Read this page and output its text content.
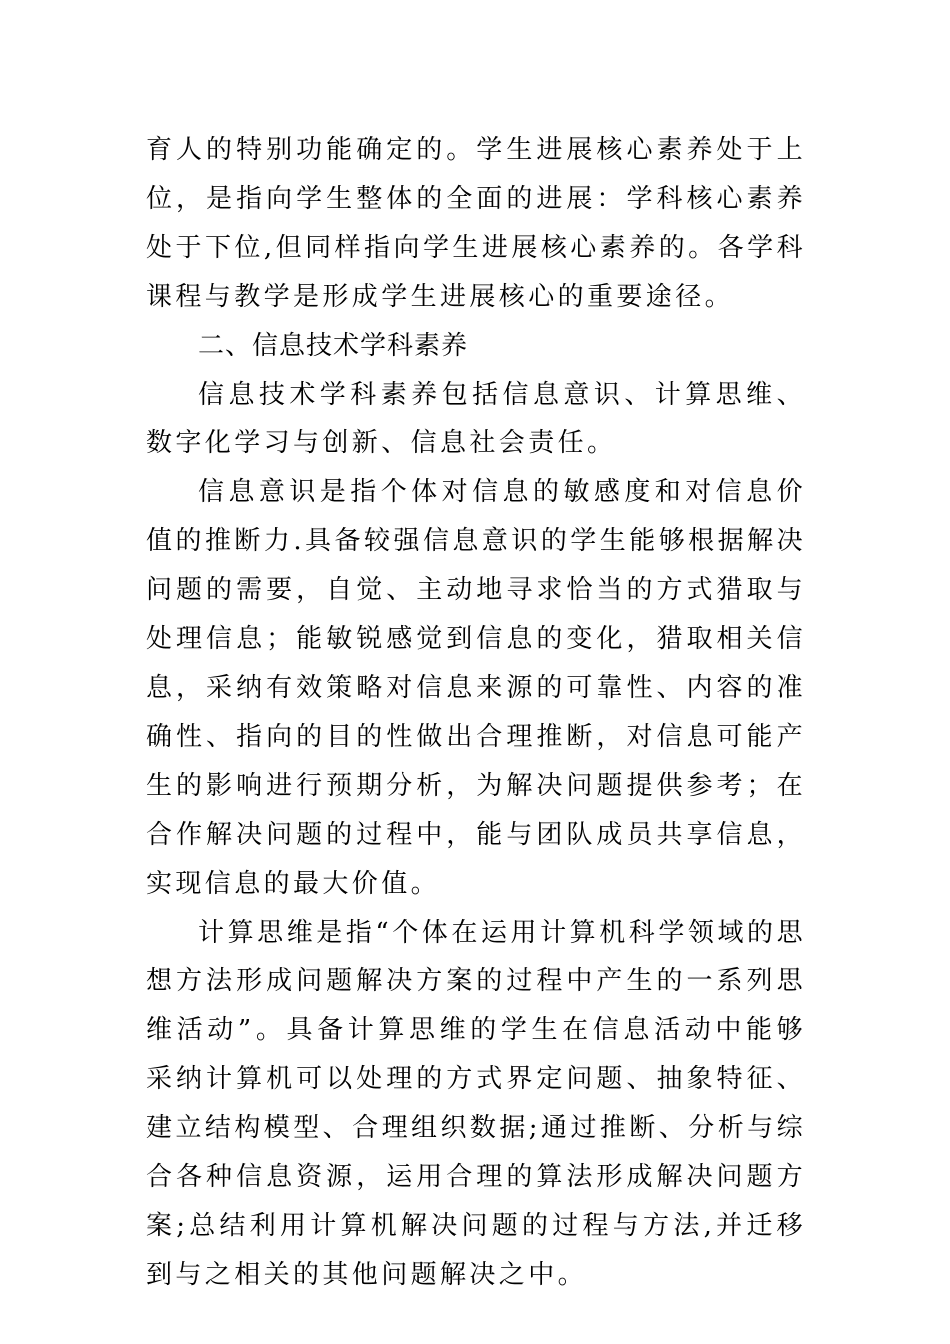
育人的特别功能确定的。学生进展核心素养处于上位，是指向学生整体的全面的进展：学科核心素养处于下位,但同样指向学生进展核心素养的。各学科课程与教学是形成学生进展核心的重要途径。

二、信息技术学科素养

信息技术学科素养包括信息意识、计算思维、数字化学习与创新、信息社会责任。

信息意识是指个体对信息的敏感度和对信息价值的推断力.具备较强信息意识的学生能够根据解决问题的需要，自觉、主动地寻求恰当的方式猎取与处理信息；能敏锐感觉到信息的变化，猎取相关信息，采纳有效策略对信息来源的可靠性、内容的准确性、指向的目的性做出合理推断，对信息可能产生的影响进行预期分析，为解决问题提供参考；在合作解决问题的过程中，能与团队成员共享信息，实现信息的最大价值。

计算思维是指“个体在运用计算机科学领域的思想方法形成问题解决方案的过程中产生的一系列思维活动”。具备计算思维的学生在信息活动中能够采纳计算机可以处理的方式界定问题、抽象特征、建立结构模型、合理组织数据;通过推断、分析与综合各种信息资源，运用合理的算法形成解决问题方案;总结利用计算机解决问题的过程与方法,并迁移到与之相关的其他问题解决之中。
